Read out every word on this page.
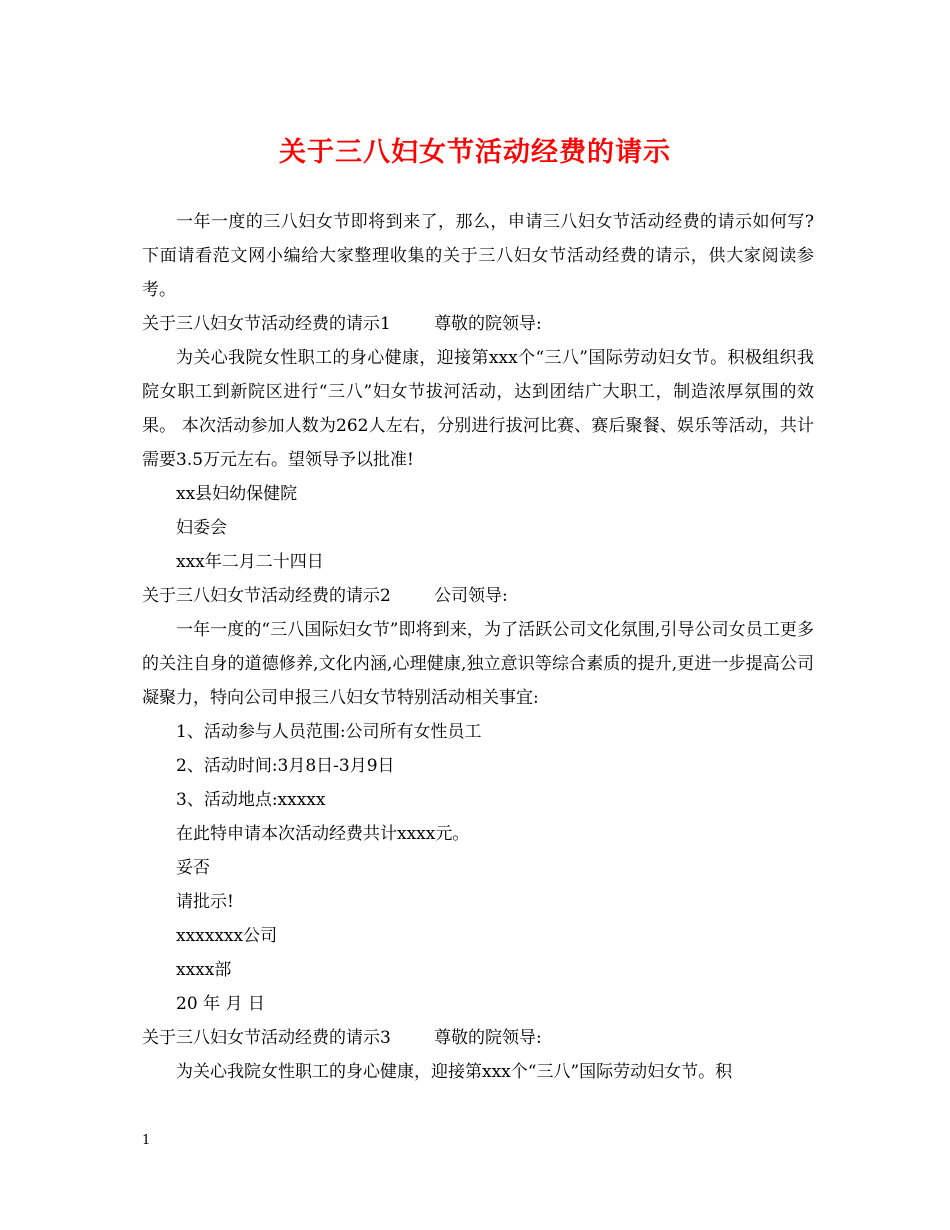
关于三八妇女节活动经费的请示

一年一度的三八妇女节即将到来了，那么，申请三八妇女节活动经费的请示如何写?下面请看范文网小编给大家整理收集的关于三八妇女节活动经费的请示，供大家阅读参考。

关于三八妇女节活动经费的请示1	尊敬的院领导:

为关心我院女性职工的身心健康，迎接第xxx个“三八”国际劳动妇女节。积极组织我院女职工到新院区进行“三八”妇女节拔河活动，达到团结广大职工，制造浓厚氛围的效果。 本次活动参加人数为262人左右，分别进行拔河比赛、赛后聚餐、娱乐等活动，共计需要3.5万元左右。望领导予以批准!

xx县妇幼保健院

妇委会

xxx年二月二十四日

关于三八妇女节活动经费的请示2	公司领导:

一年一度的“三八国际妇女节”即将到来，为了活跃公司文化氛围,引导公司女员工更多的关注自身的道德修养,文化内涵,心理健康,独立意识等综合素质的提升,更进一步提高公司凝聚力，特向公司申报三八妇女节特别活动相关事宜:

1、活动参与人员范围:公司所有女性员工

2、活动时间:3月8日-3月9日

3、活动地点:xxxxx

在此特申请本次活动经费共计xxxx元。

妥否

请批示!

xxxxxxx公司

xxxx部

20 年 月 日

关于三八妇女节活动经费的请示3	尊敬的院领导:

为关心我院女性职工的身心健康，迎接第xxx个“三八”国际劳动妇女节。积

1
